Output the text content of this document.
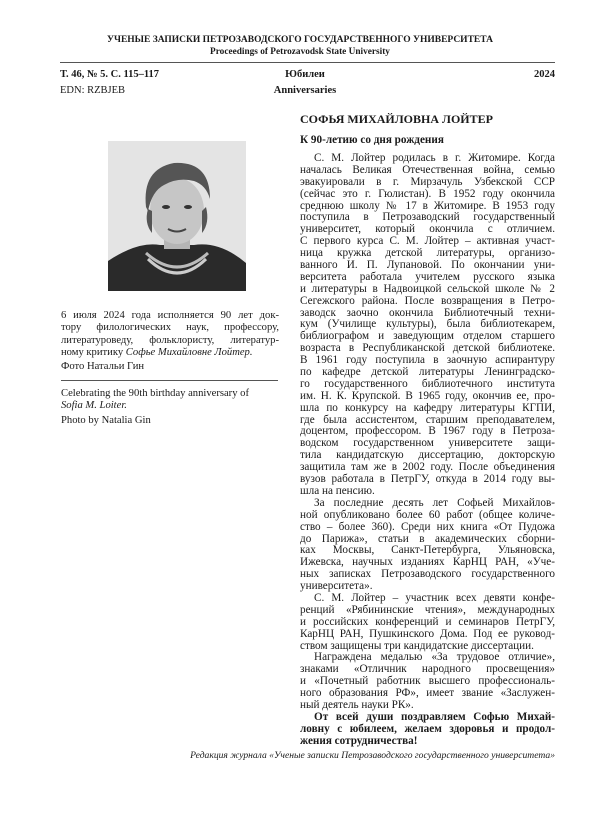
УЧЕНЫЕ ЗАПИСКИ ПЕТРОЗАВОДСКОГО ГОСУДАРСТВЕННОГО УНИВЕРСИТЕТА
Proceedings of Petrozavodsk State University
Т. 46, № 5. С. 115–117
EDN: RZBJEB
Юбилеи
Anniversaries
2024
6 июля 2024 года исполняется 90 лет док-
тору филологических наук, профессору,
литературоведу, фольклористу, литератур-
ному критику Софье Михайловне Лойтер.
Фото Натальи Гин
Celebrating the 90th birthday anniversary of
Sofia M. Loiter.
Photo by Natalia Gin
СОФЬЯ МИХАЙЛОВНА ЛОЙТЕР
К 90-летию со дня рождения
С. М. Лойтер родилась в г. Житомире. Когда
началась Великая Отечественная война, семью
эвакуировали в г. Мирзачуль Узбекской ССР
(сейчас это г. Гюлистан). В 1952 году окончила
среднюю школу № 17 в Житомире. В 1953 году
поступила в Петрозаводский государственный
университет, который окончила с отличием.
С первого курса С. М. Лойтер – активная участ-
ница кружка детской литературы, организо-
ванного И. П. Лупановой. По окончании уни-
верситета работала учителем русского языка
и литературы в Надвоицкой сельской школе № 2
Сегежского района. После возвращения в Петро-
заводск заочно окончила Библиотечный техни-
кум (Училище культуры), была библиотекарем,
библиографом и заведующим отделом старшего
возраста в Республиканской детской библиотеке.
В 1961 году поступила в заочную аспирантуру
по кафедре детской литературы Ленинградско-
го государственного библиотечного института
им. Н. К. Крупской. В 1965 году, окончив ее, про-
шла по конкурсу на кафедру литературы КГПИ,
где была ассистентом, старшим преподавателем,
доцентом, профессором. В 1967 году в Петроза-
водском государственном университете защи-
тила кандидатскую диссертацию, докторскую
защитила там же в 2002 году. После объединения
вузов работала в ПетрГУ, откуда в 2014 году вы-
шла на пенсию.
За последние десять лет Софьей Михайлов-
ной опубликовано более 60 работ (общее количе-
ство – более 360). Среди них книга «От Пудожа
до Парижа», статьи в академических сборни-
ках Москвы, Санкт-Петербурга, Ульяновска,
Ижевска, научных изданиях КарНЦ РАН, «Уче-
ных записках Петрозаводского государственного
университета».
С. М. Лойтер – участник всех девяти конфе-
ренций «Рябининские чтения», международных
и российских конференций и семинаров ПетрГУ,
КарНЦ РАН, Пушкинского Дома. Под ее руковод-
ством защищены три кандидатские диссертации.
Награждена медалью «За трудовое отличие»,
знаками «Отличник народного просвещения»
и «Почетный работник высшего профессиональ-
ного образования РФ», имеет звание «Заслужен-
ный деятель науки РК».
От всей души поздравляем Софью Михай-
ловну с юбилеем, желаем здоровья и продол-
жения сотрудничества!
Редакция журнала «Ученые записки Петрозаводского государственного университета»
